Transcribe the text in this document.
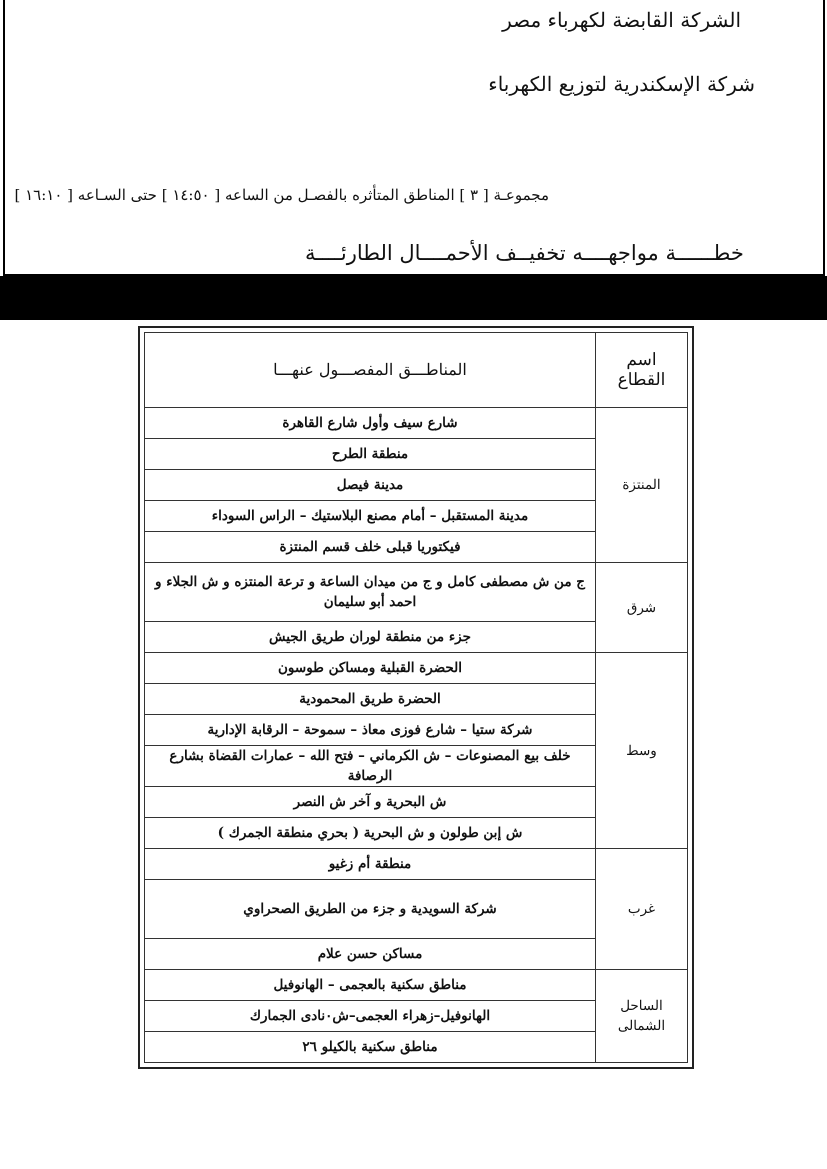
الشركة القابضة لكهرباء مصر
شركة الإسكندرية لتوزيع الكهرباء
مجموعـة [ ٣ ] المناطق المتأثره بالفصـل من الساعه [ ١٤:٥٠ ] حتى السـاعه [ ١٦:١٠ ]
خطــــــة مواجهــــه تخفيــف الأحمــــال الطارئــــة
اسم القطاع	المناطـــق المفصـــول عنهـــا
المنتزة	شارع سيف وأول شارع القاهرة
	منطقة الطرح
	مدينة فيصل
	مدينة المستقبل – أمام مصنع البلاستيك – الراس السوداء
	فيكتوريا قبلى خلف قسم المنتزة
شرق	ج من ش مصطفى كامل و ج من ميدان الساعة و ترعة المنتزه و ش الجلاء و احمد أبو سليمان
	جزء من منطقة لوران طريق الجيش
وسط	الحضرة القبلية ومساكن طوسون
	الحضرة طريق المحمودية
	شركة ستيا – شارع فوزى معاذ – سموحة – الرقابة الإدارية
	خلف بيع المصنوعات – ش الكرماني – فتح الله – عمارات القضاة بشارع الرصافة
	ش البحرية و آخر ش النصر
	ش إبن طولون و ش البحرية ( بحري منطقة الجمرك )
غرب	منطقة أم زغيو
	شركة السويدية و جزء من الطريق الصحراوي
	مساكن حسن علام
الساحل الشمالى	مناطق سكنية بالعجمى – الهانوفيل
	الهانوفيل–زهراء العجمى–ش٠نادى الجمارك
	مناطق سكنية بالكيلو ٢٦
